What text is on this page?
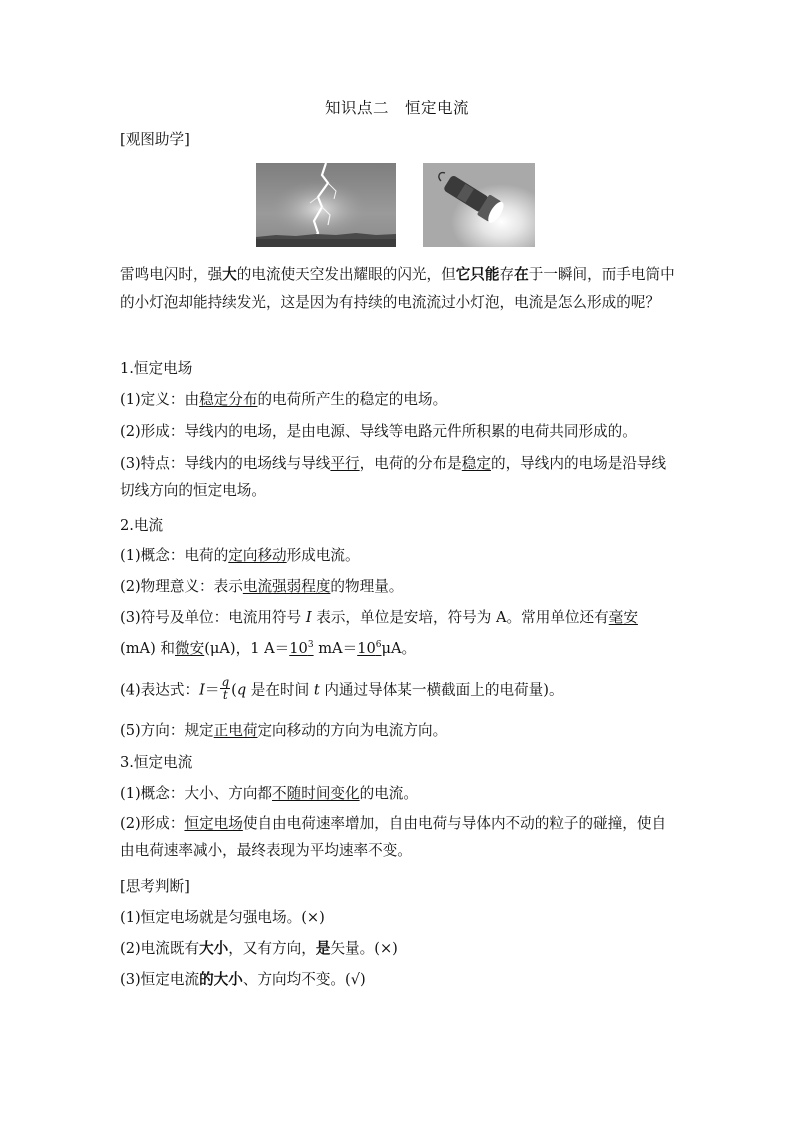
知识点二　恒定电流
[观图助学]
雷鸣电闪时，强大的电流使天空发出耀眼的闪光，但它只能存在于一瞬间，而手电筒中的小灯泡却能持续发光，这是因为有持续的电流流过小灯泡，电流是怎么形成的呢？
1.恒定电场
(1)定义：由稳定分布的电荷所产生的稳定的电场。
(2)形成：导线内的电场，是由电源、导线等电路元件所积累的电荷共同形成的。
(3)特点：导线内的电场线与导线平行，电荷的分布是稳定的，导线内的电场是沿导线切线方向的恒定电场。
2.电流
(1)概念：电荷的定向移动形成电流。
(2)物理意义：表示电流强弱程度的物理量。
(3)符号及单位：电流用符号 I 表示，单位是安培，符号为 A。常用单位还有毫安
(mA) 和微安(μA)，1 $A=10^3$ $mA=10^6\mu A$。
(4)表达式：$I= \frac{q}{t} (q$ 是在时间 t 内通过导体某一横截面上的电荷量)。
(5)方向：规定正电荷定向移动的方向为电流方向。
3.恒定电流
(1)概念：大小、方向都不随时间变化的电流。
(2)形成：恒定电场使自由电荷速率增加，自由电荷与导体内不动的粒子的碰撞，使自由电荷速率减小，最终表现为平均速率不变。
[思考判断]
(1)恒定电场就是匀强电场。(×)
(2)电流既有大小，又有方向，是矢量。(×)
(3)恒定电流的大小、方向均不变。(√)
